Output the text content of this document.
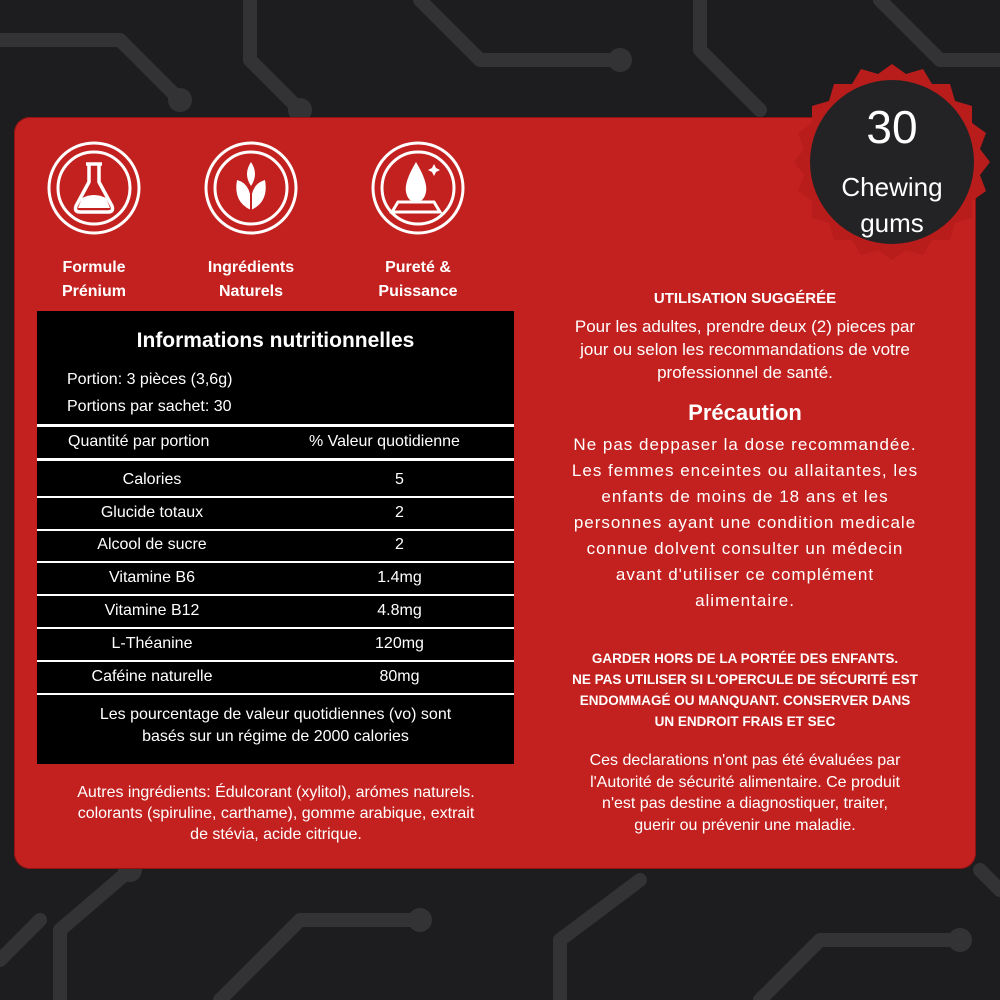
30
Chewing
gums
Formule
Prénium
Ingrédients
Naturels
Pureté &
Puissance
Informations nutritionnelles
Portion: 3 pièces (3,6g)
Portions par sachet: 30
Quantité par portion	% Valeur quotidienne
Calories	5
Glucide totaux	2
Alcool de sucre	2
Vitamine B6	1.4mg
Vitamine B12	4.8mg
L-Théanine	120mg
Caféine naturelle	80mg
Les pourcentage de valeur quotidiennes (vo) sont
basés sur un régime de 2000 calories
Autres ingrédients: Édulcorant (xylitol), arómes naturels.
colorants (spiruline, carthame), gomme arabique, extrait
de stévia, acide citrique.
UTILISATION SUGGÉRÉE
Pour les adultes, prendre deux (2) pieces par
jour ou selon les recommandations de votre
professionnel de santé.
Précaution
Ne pas deppaser la dose recommandée.
Les femmes enceintes ou allaitantes, les
enfants de moins de 18 ans et les
personnes ayant une condition medicale
connue dolvent consulter un médecin
avant d'utiliser ce complément
alimentaire.
GARDER HORS DE LA PORTÉE DES ENFANTS.
NE PAS UTILISER SI L'OPERCULE DE SÉCURITÉ EST
ENDOMMAGÉ OU MANQUANT. CONSERVER DANS
UN ENDROIT FRAIS ET SEC
Ces declarations n'ont pas été évaluées par
l'Autorité de sécurité alimentaire. Ce produit
n'est pas destine a diagnostiquer, traiter,
guerir ou prévenir une maladie.
